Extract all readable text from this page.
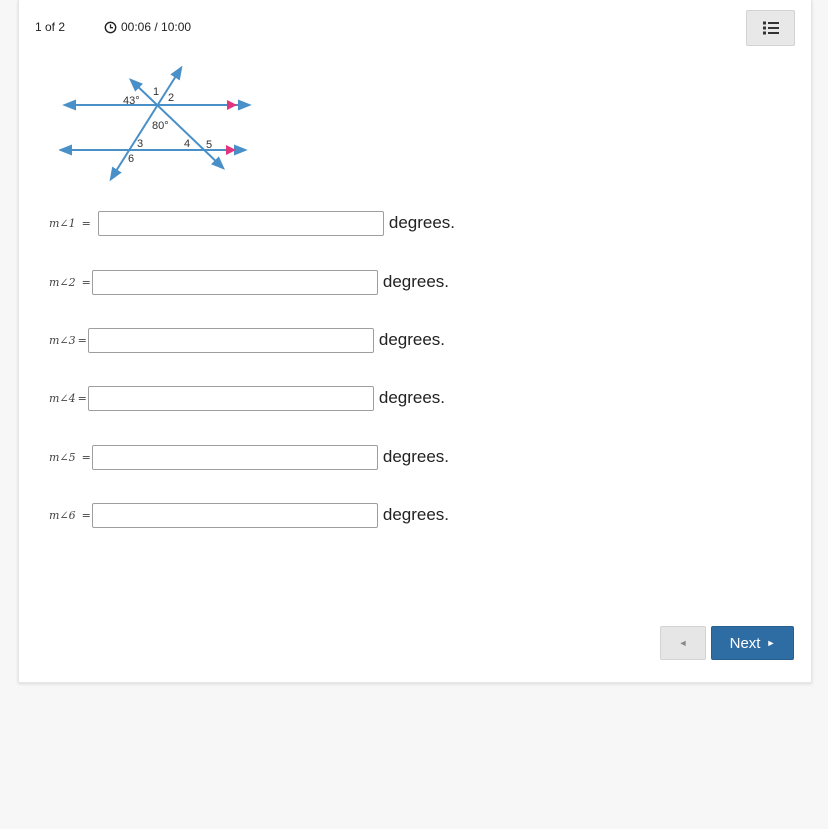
1 of 2	00:06 / 10:00
43°
80°
1 2
3	4 5
6
m∠1 =	degrees.
m∠2 =	degrees.
m∠3 =	degrees.
m∠4 =	degrees.
m∠5 =	degrees.
m∠6 =	degrees.
◄	Next ►
